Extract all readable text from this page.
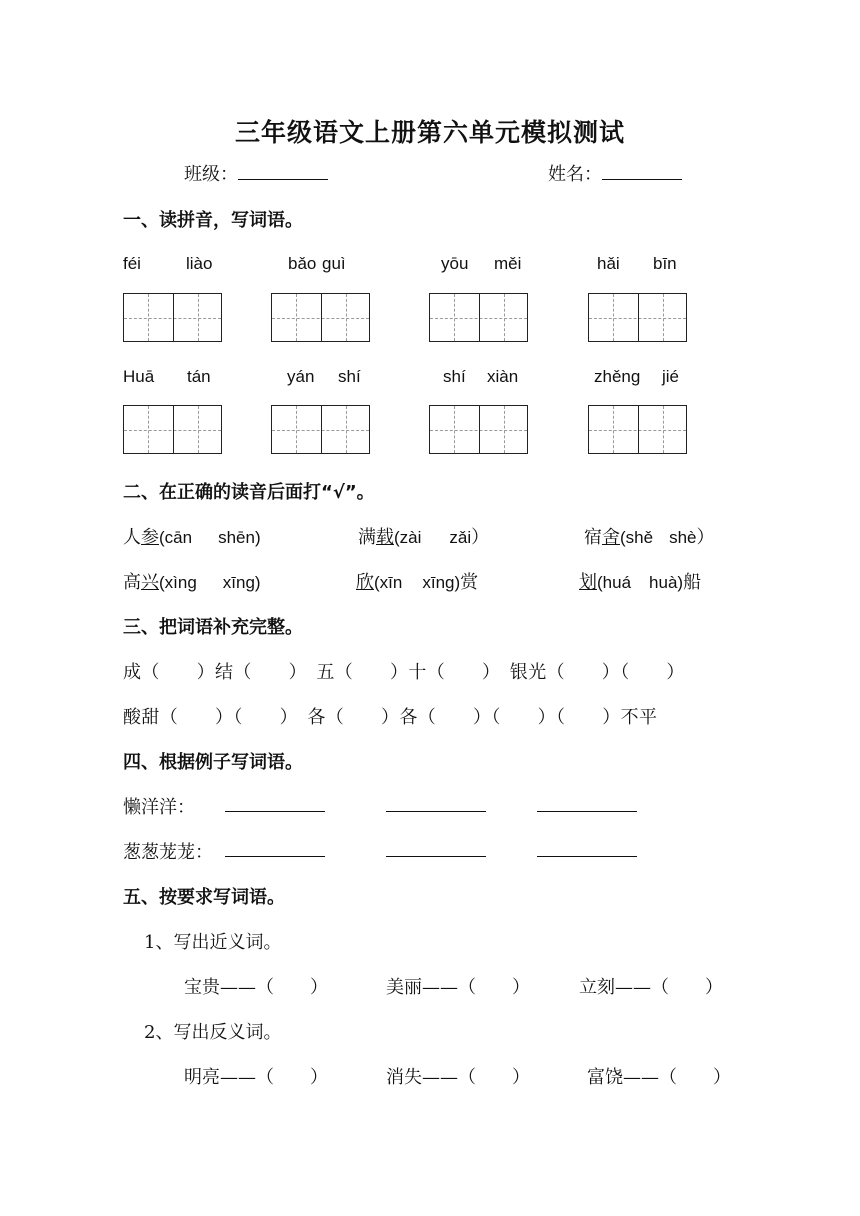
三年级语文上册第六单元模拟测试
班级：	姓名：
一、读拼音，写词语。
féi	liào	bǎo guì	yōu měi	hǎi bīn
Huā tán	yán shí	shí xiàn	zhěng jié
二、在正确的读音后面打“√”。
人参(cān shēn)	满载(zài zǎi）	宿舍(shě shè）
高兴(xìng xīng)	欣(xīn xīng)赏	划(huá huà)船
三、把词语补充完整。
成（　　）结（　　）　五（　　）十（　　）　银光（　　）（　　）
酸甜（　　）（　　）　各（　　）各（　　）（　　）（　　）不平
四、根据例子写词语。
懒洋洋：
葱葱茏茏：
五、按要求写词语。
1、写出近义词。
宝贵——（　　）	美丽——（　　）	立刻——（　　）
2、写出反义词。
明亮——（　　）	消失——（　　）	富饶——（　　）
